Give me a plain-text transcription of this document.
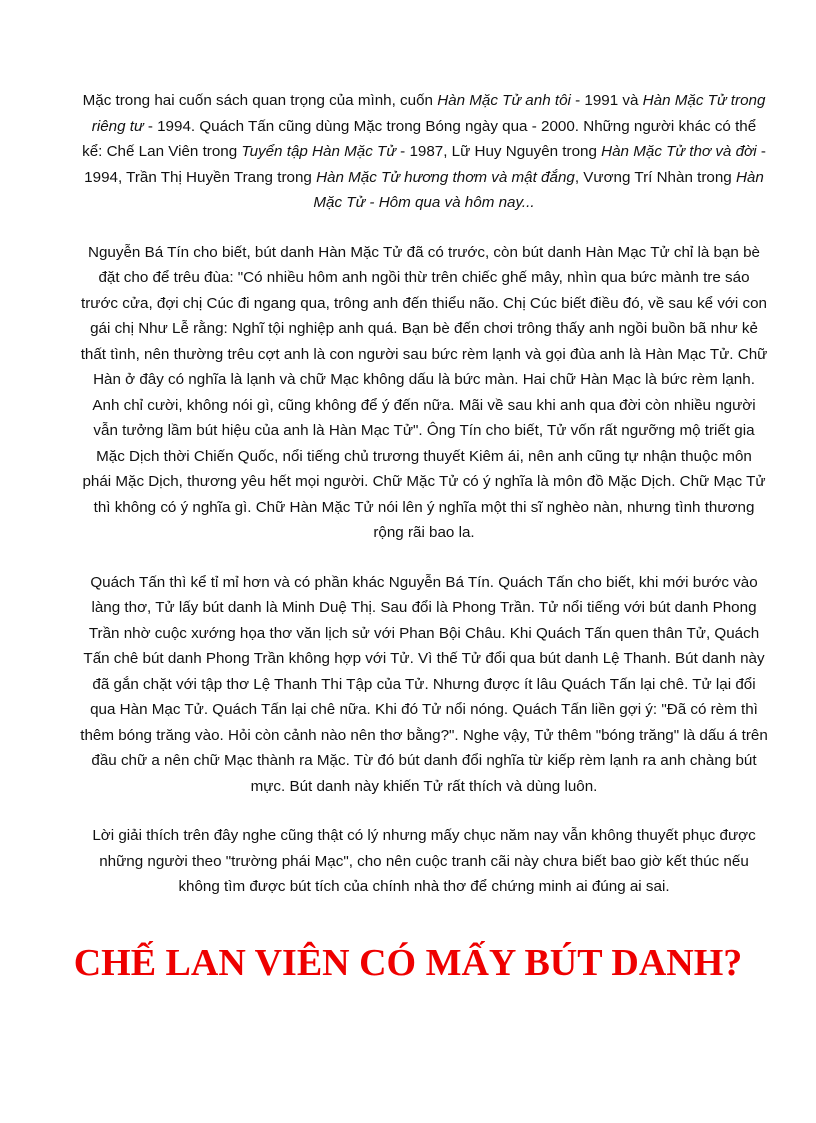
Mặc trong hai cuốn sách quan trọng của mình, cuốn Hàn Mặc Tử anh tôi - 1991 và Hàn Mặc Tử trong riêng tư - 1994. Quách Tấn cũng dùng Mặc trong Bóng ngày qua - 2000. Những người khác có thể kể: Chế Lan Viên trong Tuyển tập Hàn Mặc Tử - 1987, Lữ Huy Nguyên trong Hàn Mặc Tử thơ và đời - 1994, Trần Thị Huyền Trang trong Hàn Mặc Tử hương thơm và mật đắng, Vương Trí Nhàn trong Hàn Mặc Tử - Hôm qua và hôm nay...

Nguyễn Bá Tín cho biết, bút danh Hàn Mặc Tử đã có trước, còn bút danh Hàn Mạc Tử chỉ là bạn bè đặt cho để trêu đùa: "Có nhiều hôm anh ngồi thừ trên chiếc ghế mây, nhìn qua bức mành tre sáo trước cửa, đợi chị Cúc đi ngang qua, trông anh đến thiểu não. Chị Cúc biết điều đó, về sau kể với con gái chị Như Lễ rằng: Nghĩ tội nghiệp anh quá. Bạn bè đến chơi trông thấy anh ngồi buồn bã như kẻ thất tình, nên thường trêu cợt anh là con người sau bức rèm lạnh và gọi đùa anh là Hàn Mạc Tử. Chữ Hàn ở đây có nghĩa là lạnh và chữ Mạc không dấu là bức màn. Hai chữ Hàn Mạc là bức rèm lạnh. Anh chỉ cười, không nói gì, cũng không để ý đến nữa. Mãi về sau khi anh qua đời còn nhiều người vẫn tưởng lầm bút hiệu của anh là Hàn Mạc Tử". Ông Tín cho biết, Tử vốn rất ngưỡng mộ triết gia Mặc Dịch thời Chiến Quốc, nổi tiếng chủ trương thuyết Kiêm ái, nên anh cũng tự nhận thuộc môn phái Mặc Dịch, thương yêu hết mọi người. Chữ Mặc Tử có ý nghĩa là môn đồ Mặc Dịch. Chữ Mạc Tử thì không có ý nghĩa gì. Chữ Hàn Mặc Tử nói lên ý nghĩa một thi sĩ nghèo nàn, nhưng tình thương rộng rãi bao la.

Quách Tấn thì kể tỉ mỉ hơn và có phần khác Nguyễn Bá Tín. Quách Tấn cho biết, khi mới bước vào làng thơ, Tử lấy bút danh là Minh Duệ Thị. Sau đổi là Phong Trần. Tử nổi tiếng với bút danh Phong Trần nhờ cuộc xướng họa thơ văn lịch sử với Phan Bội Châu. Khi Quách Tấn quen thân Tử, Quách Tấn chê bút danh Phong Trần không hợp với Tử. Vì thế Tử đổi qua bút danh Lệ Thanh. Bút danh này đã gắn chặt với tập thơ Lệ Thanh Thi Tập của Tử. Nhưng được ít lâu Quách Tấn lại chê. Tử lại đổi qua Hàn Mạc Tử. Quách Tấn lại chê nữa. Khi đó Tử nổi nóng. Quách Tấn liền gợi ý: "Đã có rèm thì thêm bóng trăng vào. Hỏi còn cảnh nào nên thơ bằng?". Nghe vậy, Tử thêm "bóng trăng" là dấu á trên đầu chữ a nên chữ Mạc thành ra Mặc. Từ đó bút danh đổi nghĩa từ kiếp rèm lạnh ra anh chàng bút mực. Bút danh này khiến Tử rất thích và dùng luôn.

Lời giải thích trên đây nghe cũng thật có lý nhưng mấy chục năm nay vẫn không thuyết phục được những người theo "trường phái Mạc", cho nên cuộc tranh cãi này chưa biết bao giờ kết thúc nếu không tìm được bút tích của chính nhà thơ để chứng minh ai đúng ai sai.

CHẾ LAN VIÊN CÓ MẤY BÚT DANH?
